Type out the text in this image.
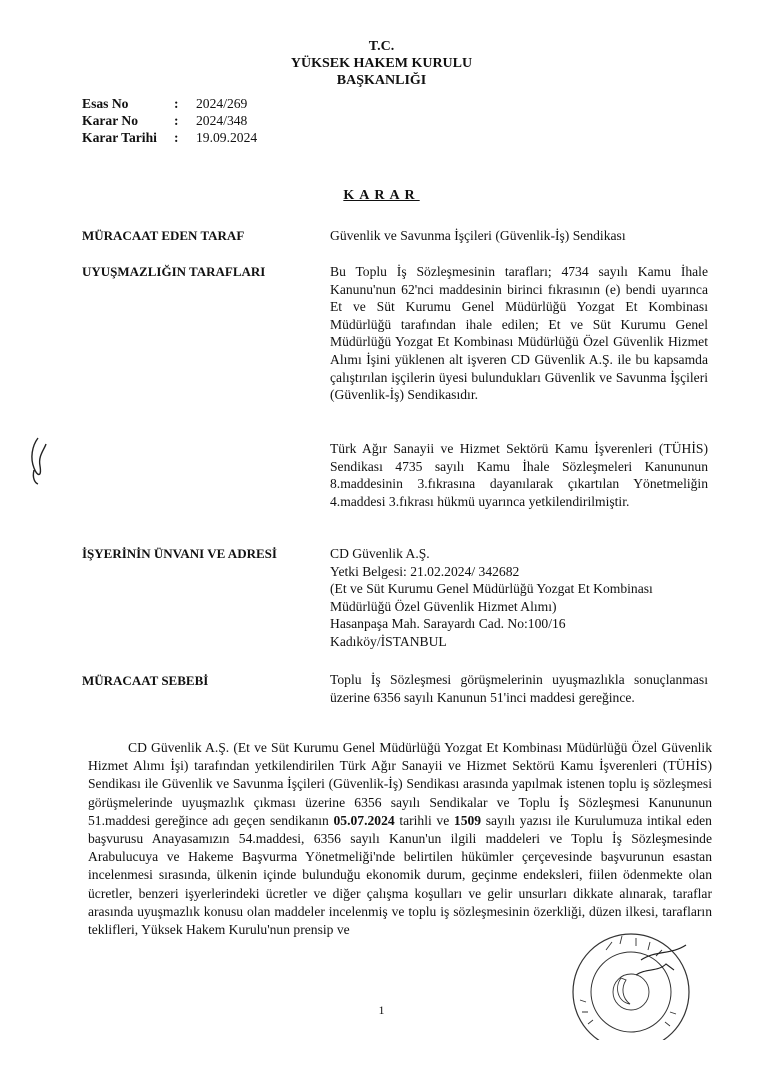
T.C.
YÜKSEK HAKEM KURULU
BAŞKANLIĞI
Esas No	:	2024/269
Karar No	:	2024/348
Karar Tarihi	:	19.09.2024
KARAR
MÜRACAAT EDEN TARAF	Güvenlik ve Savunma İşçileri (Güvenlik-İş) Sendikası
UYUŞMAZLIĞIN TARAFLARI	Bu Toplu İş Sözleşmesinin tarafları; 4734 sayılı Kamu İhale Kanunu'nun 62'nci maddesinin birinci fıkrasının (e) bendi uyarınca Et ve Süt Kurumu Genel Müdürlüğü Yozgat Et Kombinası Müdürlüğü tarafından ihale edilen; Et ve Süt Kurumu Genel Müdürlüğü Yozgat Et Kombinası Müdürlüğü Özel Güvenlik Hizmet Alımı İşini yüklenen alt işveren CD Güvenlik A.Ş. ile bu kapsamda çalıştırılan işçilerin üyesi bulundukları Güvenlik ve Savunma İşçileri (Güvenlik-İş) Sendikasıdır.
Türk Ağır Sanayii ve Hizmet Sektörü Kamu İşverenleri (TÜHİS) Sendikası 4735 sayılı Kamu İhale Sözleşmeleri Kanununun 8.maddesinin 3.fıkrasına dayanılarak çıkartılan Yönetmeliğin 4.maddesi 3.fıkrası hükmü uyarınca yetkilendirilmiştir.
İŞYERİNİN ÜNVANI VE ADRESİ	CD Güvenlik A.Ş.
Yetki Belgesi: 21.02.2024/ 342682
(Et ve Süt Kurumu Genel Müdürlüğü Yozgat Et Kombinası
Müdürlüğü Özel Güvenlik Hizmet Alımı)
Hasanpaşa Mah. Sarayardı Cad. No:100/16
Kadıköy/İSTANBUL
MÜRACAAT SEBEBİ	Toplu İş Sözleşmesi görüşmelerinin uyuşmazlıkla sonuçlanması üzerine 6356 sayılı Kanunun 51'inci maddesi gereğince.
CD Güvenlik A.Ş. (Et ve Süt Kurumu Genel Müdürlüğü Yozgat Et Kombinası Müdürlüğü Özel Güvenlik Hizmet Alımı İşi) tarafından yetkilendirilen Türk Ağır Sanayii ve Hizmet Sektörü Kamu İşverenleri (TÜHİS) Sendikası ile Güvenlik ve Savunma İşçileri (Güvenlik-İş) Sendikası arasında yapılmak istenen toplu iş sözleşmesi görüşmelerinde uyuşmazlık çıkması üzerine 6356 sayılı Sendikalar ve Toplu İş Sözleşmesi Kanununun 51.maddesi gereğince adı geçen sendikanın 05.07.2024 tarihli ve 1509 sayılı yazısı ile Kurulumuza intikal eden başvurusu Anayasamızın 54.maddesi, 6356 sayılı Kanun'un ilgili maddeleri ve Toplu İş Sözleşmesinde Arabulucuya ve Hakeme Başvurma Yönetmeliği'nde belirtilen hükümler çerçevesinde başvurunun esastan incelenmesi sırasında, ülkenin içinde bulunduğu ekonomik durum, geçinme endeksleri, fiilen ödenmekte olan ücretler, benzeri işyerlerindeki ücretler ve diğer çalışma koşulları ve gelir unsurları dikkate alınarak, taraflar arasında uyuşmazlık konusu olan maddeler incelenmiş ve toplu iş sözleşmesinin özerkliği, düzen ilkesi, tarafların teklifleri, Yüksek Hakem Kurulu'nun prensip ve
1
